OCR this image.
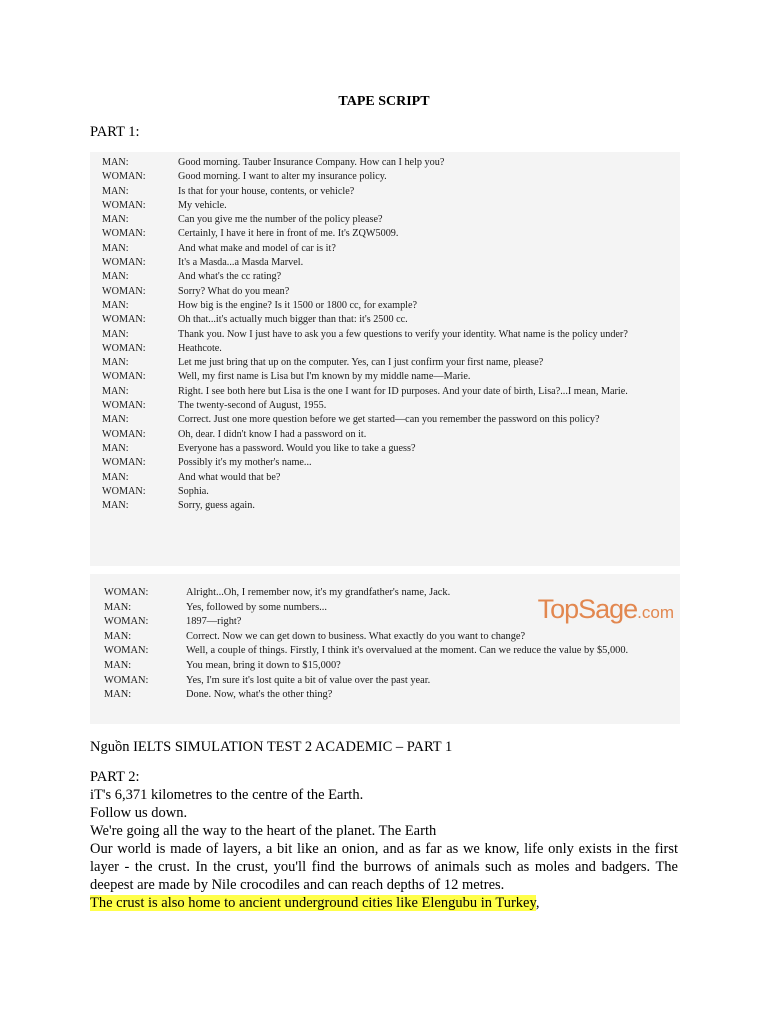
TAPE SCRIPT
PART 1:
MAN:	Good morning. Tauber Insurance Company. How can I help you?
WOMAN:	Good morning. I want to alter my insurance policy.
MAN:	Is that for your house, contents, or vehicle?
WOMAN:	My vehicle.
MAN:	Can you give me the number of the policy please?
WOMAN:	Certainly, I have it here in front of me. It's ZQW5009.
MAN:	And what make and model of car is it?
WOMAN:	It's a Masda...a Masda Marvel.
MAN:	And what's the cc rating?
WOMAN:	Sorry? What do you mean?
MAN:	How big is the engine? Is it 1500 or 1800 cc, for example?
WOMAN:	Oh that...it's actually much bigger than that: it's 2500 cc.
MAN:	Thank you. Now I just have to ask you a few questions to verify your identity. What name is the policy under?
WOMAN:	Heathcote.
MAN:	Let me just bring that up on the computer. Yes, can I just confirm your first name, please?
WOMAN:	Well, my first name is Lisa but I'm known by my middle name—Marie.
MAN:	Right. I see both here but Lisa is the one I want for ID purposes. And your date of birth, Lisa?...I mean, Marie.
WOMAN:	The twenty-second of August, 1955.
MAN:	Correct. Just one more question before we get started—can you remember the password on this policy?
WOMAN:	Oh, dear. I didn't know I had a password on it.
MAN:	Everyone has a password. Would you like to take a guess?
WOMAN:	Possibly it's my mother's name...
MAN:	And what would that be?
WOMAN:	Sophia.
MAN:	Sorry, guess again.
TopSage.com
WOMAN:	Alright...Oh, I remember now, it's my grandfather's name, Jack.
MAN:	Yes, followed by some numbers...
WOMAN:	1897—right?
MAN:	Correct. Now we can get down to business. What exactly do you want to change?
WOMAN:	Well, a couple of things. Firstly, I think it's overvalued at the moment. Can we reduce the value by $5,000.
MAN:	You mean, bring it down to $15,000?
WOMAN:	Yes, I'm sure it's lost quite a bit of value over the past year.
MAN:	Done. Now, what's the other thing?
Nguồn IELTS SIMULATION TEST 2 ACADEMIC – PART 1
PART 2:
iT's 6,371 kilometres to the centre of the Earth.
Follow us down.
We're going all the way to the heart of the planet. The Earth
Our world is made of layers, a bit like an onion, and as far as we know, life only exists in the first layer - the crust. In the crust, you'll find the burrows of animals such as moles and badgers. The deepest are made by Nile crocodiles and can reach depths of 12 metres.
The crust is also home to ancient underground cities like Elengubu in Turkey,
